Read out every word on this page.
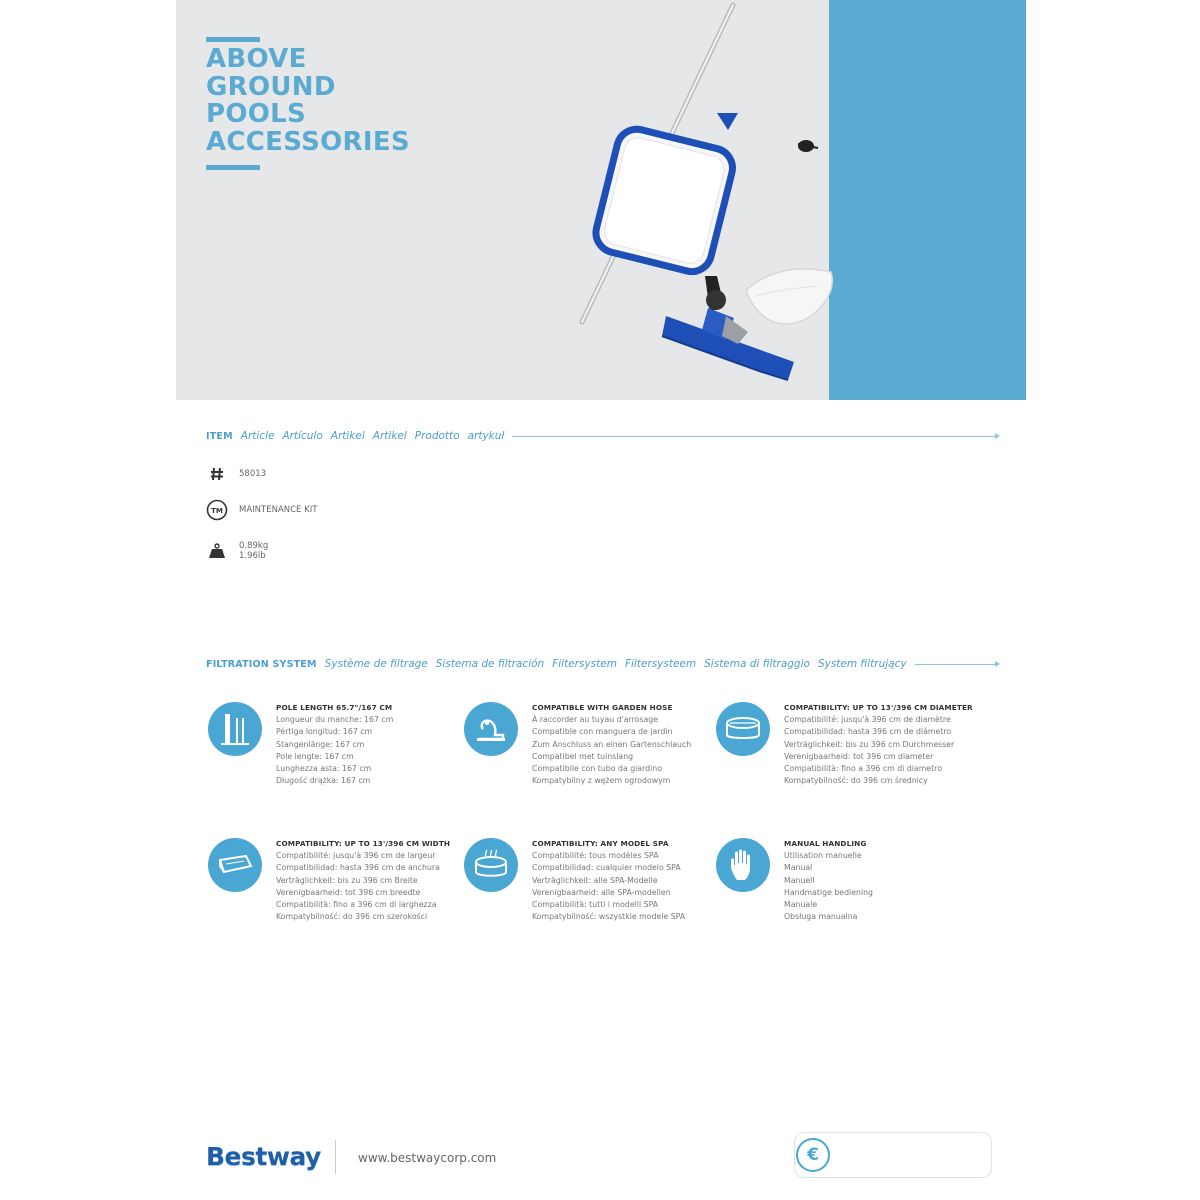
ABOVE
GROUND
POOLS
ACCESSORIES
ITEM Article Artículo Artikel Artikel Prodotto artykuł
58013
TM MAINTENANCE KIT
0.89kg
1.96lb
FILTRATION SYSTEM Système de filtrage Sistema de filtración Filtersystem Filtersysteem Sistema di filtraggio System filtrujący
POLE LENGTH 65.7"/167 CM
Longueur du manche: 167 cm
Pértiga longitud: 167 cm
Stangenlänge: 167 cm
Pole lengte: 167 cm
Lunghezza asta: 167 cm
Długość drążka: 167 cm
COMPATIBLE WITH GARDEN HOSE
À raccorder au tuyau d'arrosage
Compatible con manguera de jardín
Zum Anschluss an einen Gartenschlauch
Compatibel met tuinslang
Compatibile con tubo da giardino
Kompatybilny z wężem ogrodowym
COMPATIBILITY: UP TO 13'/396 CM DIAMETER
Compatibilité: jusqu'à 396 cm de diamètre
Compatibilidad: hasta 396 cm de diámetro
Verträglichkeit: bis zu 396 cm Durchmesser
Verenigbaarheid: tot 396 cm diameter
Compatibilità: fino a 396 cm di diametro
Kompatybilność: do 396 cm średnicy
COMPATIBILITY: UP TO 13'/396 CM WIDTH
Compatibilité: jusqu'à 396 cm de largeur
Compatibilidad: hasta 396 cm de anchura
Verträglichkeit: bis zu 396 cm Breite
Verenigbaarheid: tot 396 cm breedte
Compatibilità: fino a 396 cm di larghezza
Kompatybilność: do 396 cm szerokości
COMPATIBILITY: ANY MODEL SPA
Compatibilité: tous modèles SPA
Compatibilidad: cualquier modelo SPA
Verträglichkeit: alle SPA-Modelle
Verenigbaarheid: alle SPA-modellen
Compatibilità: tutti i modelli SPA
Kompatybilność: wszystkie modele SPA
MANUAL HANDLING
Utilisation manuelle
Manual
Manuell
Handmatige bediening
Manuale
Obsługa manualna
Bestway	www.bestwaycorp.com	€
